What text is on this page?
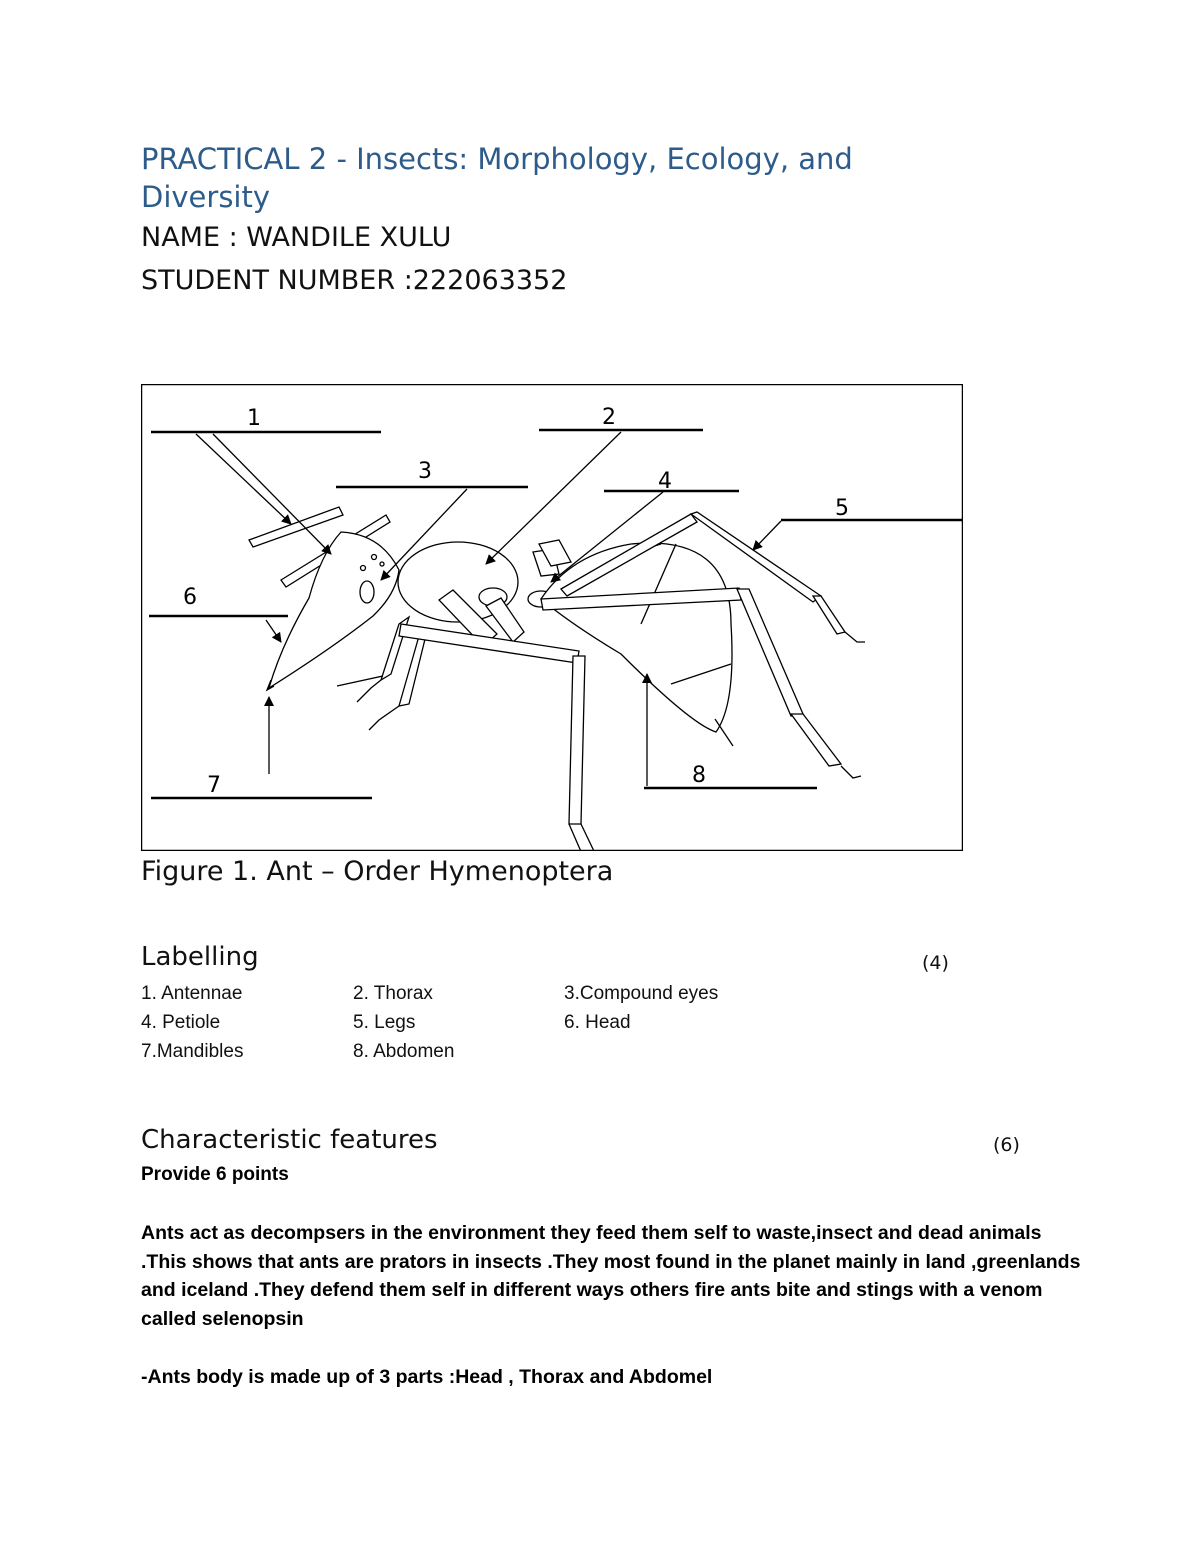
PRACTICAL 2 - Insects: Morphology, Ecology, and Diversity
NAME : WANDILE XULU
STUDENT NUMBER :222063352
1	2
3	4
5
6
7	8
Figure 1. Ant – Order Hymenoptera
Labelling	(4)
1. Antennae	2. Thorax	3.Compound eyes
4. Petiole	5. Legs	6. Head
7.Mandibles	8. Abdomen
Characteristic features	(6)
Provide 6 points

Ants act as decompsers in the environment they feed them self to waste,insect and dead animals .This shows that ants are prators in insects .They most found in the planet mainly in land ,greenlands and iceland .They defend them self in different ways others fire ants bite and stings with a venom called selenopsin

-Ants body is made up of 3 parts :Head , Thorax and Abdomel
